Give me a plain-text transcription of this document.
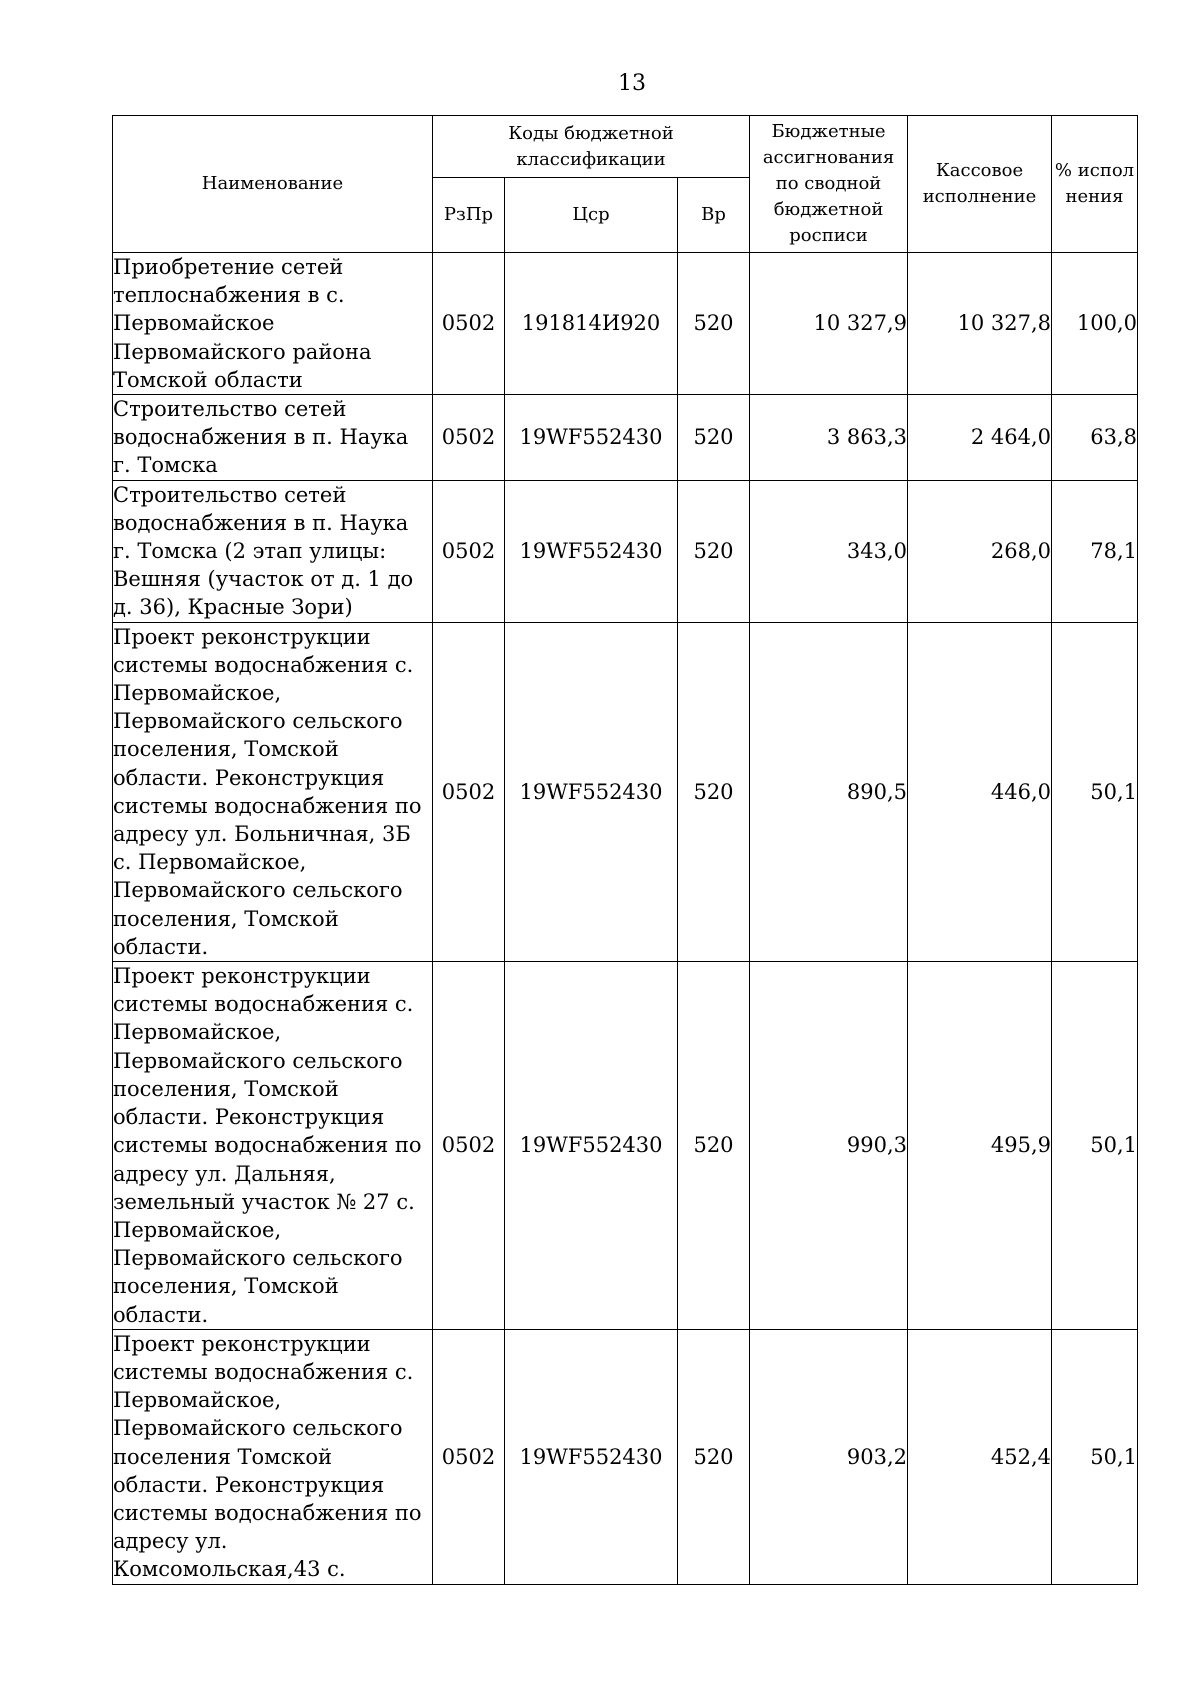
13
Наименование	Коды бюджетной классификации			Бюджетные ассигнования по сводной бюджетной росписи	Кассовое исполнение	% испол нения
	РзПр	Цср	Вр			
Приобретение сетей теплоснабжения в с. Первомайское Первомайского района Томской области	0502	191814И920	520	10 327,9	10 327,8	100,0
Строительство сетей водоснабжения в п. Наука г. Томска	0502	19WF552430	520	3 863,3	2 464,0	63,8
Строительство сетей водоснабжения в п. Наука г. Томска (2 этап улицы: Вешняя (участок от д. 1 до д. 36), Красные Зори)	0502	19WF552430	520	343,0	268,0	78,1
Проект реконструкции системы водоснабжения с. Первомайское, Первомайского сельского поселения, Томской области. Реконструкция системы водоснабжения по адресу ул. Больничная, 3Б с. Первомайское, Первомайского сельского поселения, Томской области.	0502	19WF552430	520	890,5	446,0	50,1
Проект реконструкции системы водоснабжения с. Первомайское, Первомайского сельского поселения, Томской области. Реконструкция системы водоснабжения по адресу ул. Дальняя, земельный участок № 27 с. Первомайское, Первомайского сельского поселения, Томской области.	0502	19WF552430	520	990,3	495,9	50,1
Проект реконструкции системы водоснабжения с. Первомайское, Первомайского сельского поселения Томской области. Реконструкция системы водоснабжения по адресу ул. Комсомольская,43 с.	0502	19WF552430	520	903,2	452,4	50,1
